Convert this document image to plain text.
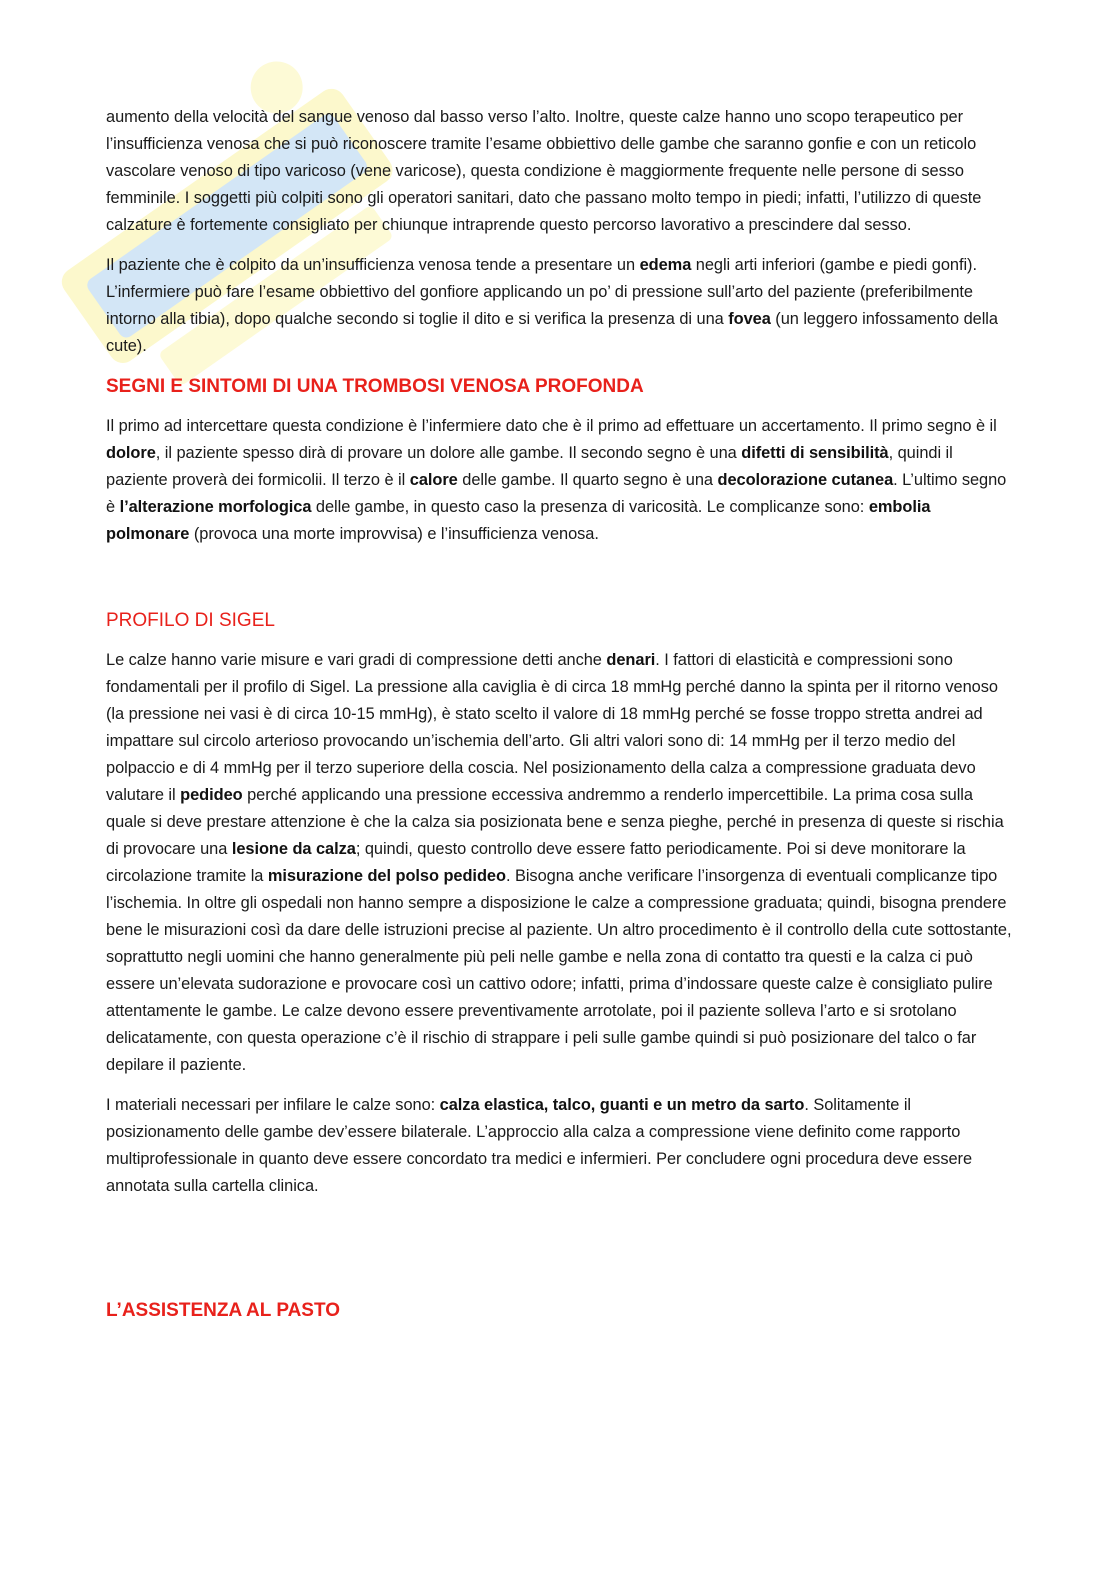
aumento della velocità del sangue venoso dal basso verso l’alto. Inoltre, queste calze hanno uno scopo terapeutico per l’insufficienza venosa che si può riconoscere tramite l’esame obbiettivo delle gambe che saranno gonfie e con un reticolo vascolare venoso di tipo varicoso (vene varicose), questa condizione è maggiormente frequente nelle persone di sesso femminile. I soggetti più colpiti sono gli operatori sanitari, dato che passano molto tempo in piedi; infatti, l’utilizzo di queste calzature è fortemente consigliato per chiunque intraprende questo percorso lavorativo a prescindere dal sesso.

Il paziente che è colpito da un’insufficienza venosa tende a presentare un edema negli arti inferiori (gambe e piedi gonfi). L’infermiere può fare l’esame obbiettivo del gonfiore applicando un po’ di pressione sull’arto del paziente (preferibilmente intorno alla tibia), dopo qualche secondo si toglie il dito e si verifica la presenza di una fovea (un leggero infossamento della cute).

SEGNI E SINTOMI DI UNA TROMBOSI VENOSA PROFONDA

Il primo ad intercettare questa condizione è l’infermiere dato che è il primo ad effettuare un accertamento. Il primo segno è il dolore, il paziente spesso dirà di provare un dolore alle gambe. Il secondo segno è una difetti di sensibilità, quindi il paziente proverà dei formicolii. Il terzo è il calore delle gambe. Il quarto segno è una decolorazione cutanea. L’ultimo segno è l’alterazione morfologica delle gambe, in questo caso la presenza di varicosità. Le complicanze sono: embolia polmonare (provoca una morte improvvisa) e l’insufficienza venosa.

PROFILO DI SIGEL

Le calze hanno varie misure e vari gradi di compressione detti anche denari. I fattori di elasticità e compressioni sono fondamentali per il profilo di Sigel. La pressione alla caviglia è di circa 18 mmHg perché danno la spinta per il ritorno venoso (la pressione nei vasi è di circa 10-15 mmHg), è stato scelto il valore di 18 mmHg perché se fosse troppo stretta andrei ad impattare sul circolo arterioso provocando un’ischemia dell’arto. Gli altri valori sono di: 14 mmHg per il terzo medio del polpaccio e di 4 mmHg per il terzo superiore della coscia. Nel posizionamento della calza a compressione graduata devo valutare il pedideo perché applicando una pressione eccessiva andremmo a renderlo impercettibile. La prima cosa sulla quale si deve prestare attenzione è che la calza sia posizionata bene e senza pieghe, perché in presenza di queste si rischia di provocare una lesione da calza; quindi, questo controllo deve essere fatto periodicamente. Poi si deve monitorare la circolazione tramite la misurazione del polso pedideo. Bisogna anche verificare l’insorgenza di eventuali complicanze tipo l’ischemia. In oltre gli ospedali non hanno sempre a disposizione le calze a compressione graduata; quindi, bisogna prendere bene le misurazioni così da dare delle istruzioni precise al paziente. Un altro procedimento è il controllo della cute sottostante, soprattutto negli uomini che hanno generalmente più peli nelle gambe e nella zona di contatto tra questi e la calza ci può essere un’elevata sudorazione e provocare così un cattivo odore; infatti, prima d’indossare queste calze è consigliato pulire attentamente le gambe. Le calze devono essere preventivamente arrotolate, poi il paziente solleva l’arto e si srotolano delicatamente, con questa operazione c’è il rischio di strappare i peli sulle gambe quindi si può posizionare del talco o far depilare il paziente.

I materiali necessari per infilare le calze sono: calza elastica, talco, guanti e un metro da sarto. Solitamente il posizionamento delle gambe dev’essere bilaterale. L’approccio alla calza a compressione viene definito come rapporto multiprofessionale in quanto deve essere concordato tra medici e infermieri. Per concludere ogni procedura deve essere annotata sulla cartella clinica.

L’ASSISTENZA AL PASTO
